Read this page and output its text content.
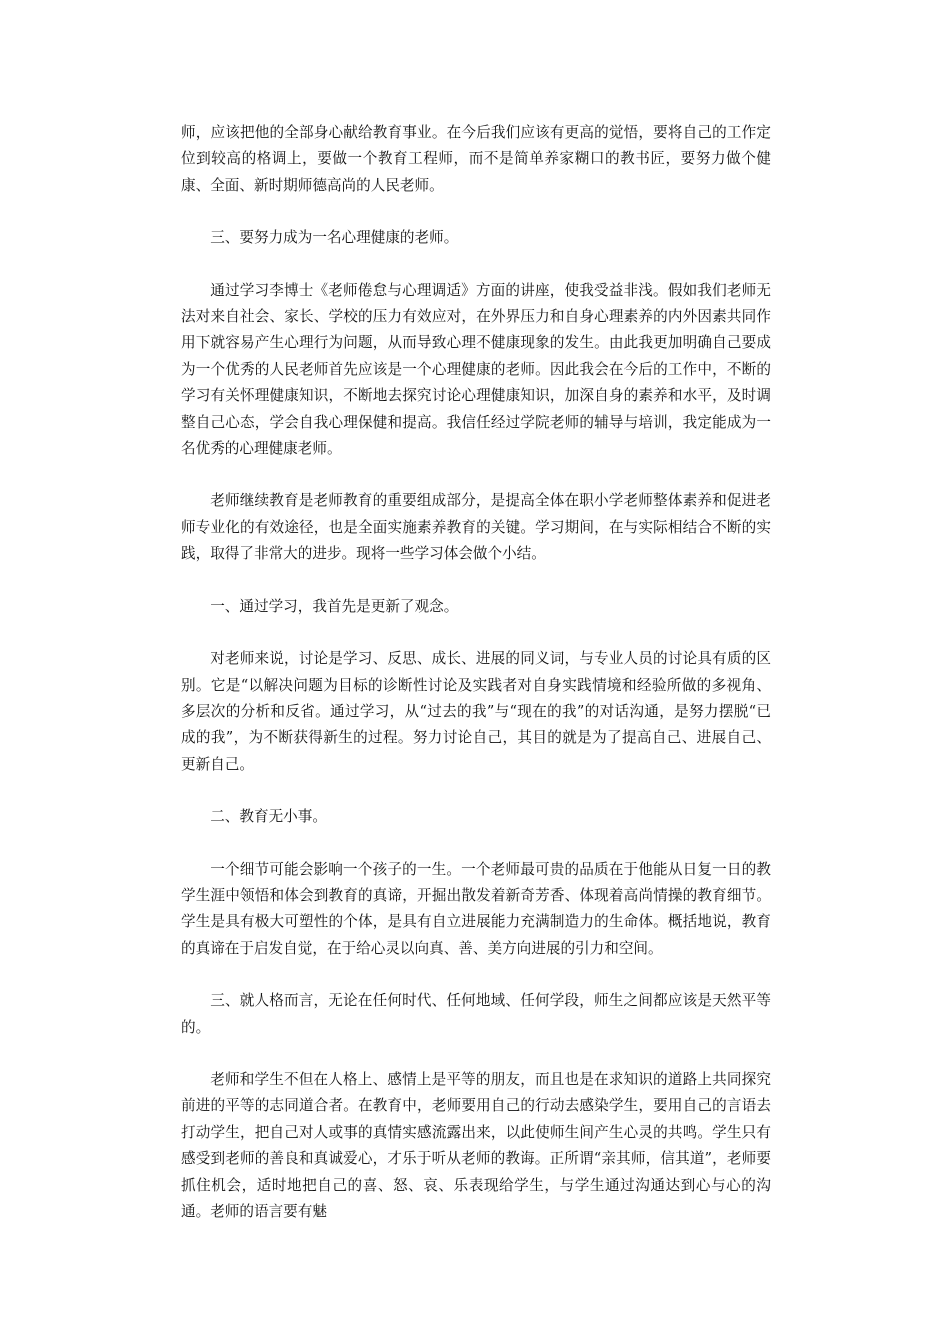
师，应该把他的全部身心献给教育事业。在今后我们应该有更高的觉悟，要将自己的工作定位到较高的格调上，要做一个教育工程师，而不是简单养家糊口的教书匠，要努力做个健康、全面、新时期师德高尚的人民老师。

三、要努力成为一名心理健康的老师。

通过学习李博士《老师倦怠与心理调适》方面的讲座，使我受益非浅。假如我们老师无法对来自社会、家长、学校的压力有效应对，在外界压力和自身心理素养的内外因素共同作用下就容易产生心理行为问题，从而导致心理不健康现象的发生。由此我更加明确自己要成为一个优秀的人民老师首先应该是一个心理健康的老师。因此我会在今后的工作中，不断的学习有关怀理健康知识，不断地去探究讨论心理健康知识，加深自身的素养和水平，及时调整自己心态，学会自我心理保健和提高。我信任经过学院老师的辅导与培训，我定能成为一名优秀的心理健康老师。

老师继续教育是老师教育的重要组成部分，是提高全体在职小学老师整体素养和促进老师专业化的有效途径，也是全面实施素养教育的关键。学习期间，在与实际相结合不断的实践，取得了非常大的进步。现将一些学习体会做个小结。

一、通过学习，我首先是更新了观念。

对老师来说，讨论是学习、反思、成长、进展的同义词，与专业人员的讨论具有质的区别。它是“以解决问题为目标的诊断性讨论及实践者对自身实践情境和经验所做的多视角、多层次的分析和反省。通过学习，从“过去的我”与“现在的我”的对话沟通，是努力摆脱“已成的我”，为不断获得新生的过程。努力讨论自己，其目的就是为了提高自己、进展自己、更新自己。

二、教育无小事。

一个细节可能会影响一个孩子的一生。一个老师最可贵的品质在于他能从日复一日的教学生涯中领悟和体会到教育的真谛，开掘出散发着新奇芳香、体现着高尚情操的教育细节。学生是具有极大可塑性的个体，是具有自立进展能力充满制造力的生命体。概括地说，教育的真谛在于启发自觉，在于给心灵以向真、善、美方向进展的引力和空间。

三、就人格而言，无论在任何时代、任何地域、任何学段，师生之间都应该是天然平等的。

老师和学生不但在人格上、感情上是平等的朋友，而且也是在求知识的道路上共同探究前进的平等的志同道合者。在教育中，老师要用自己的行动去感染学生，要用自己的言语去打动学生，把自己对人或事的真情实感流露出来，以此使师生间产生心灵的共鸣。学生只有感受到老师的善良和真诚爱心，才乐于听从老师的教诲。正所谓“亲其师，信其道”，老师要抓住机会，适时地把自己的喜、怒、哀、乐表现给学生，与学生通过沟通达到心与心的沟通。老师的语言要有魅
